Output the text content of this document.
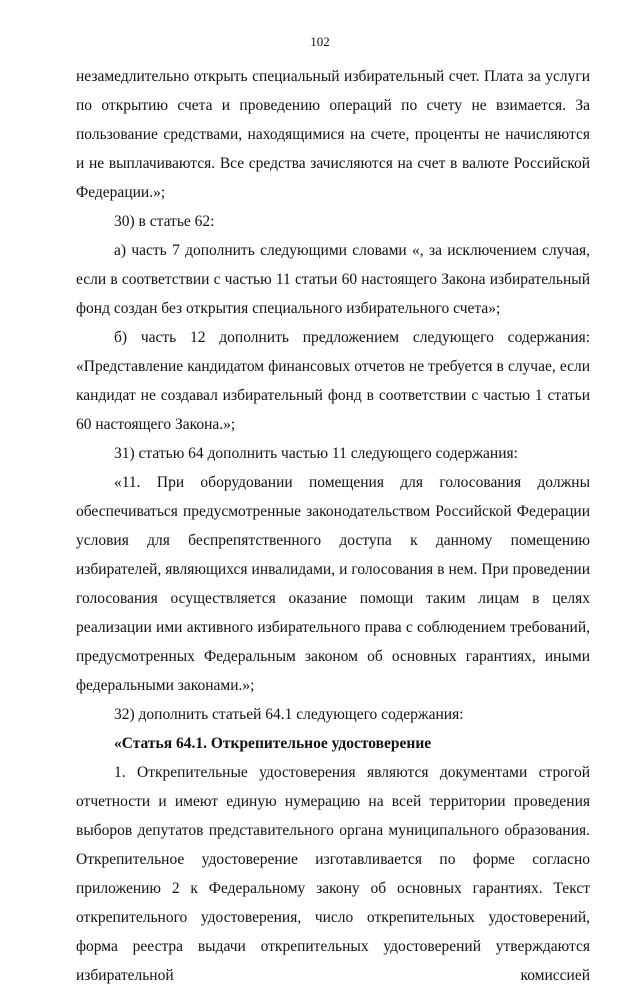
102

незамедлительно открыть специальный избирательный счет. Плата за услуги по открытию счета и проведению операций по счету не взимается. За пользование средствами, находящимися на счете, проценты не начисляются и не выплачиваются. Все средства зачисляются на счет в валюте Российской Федерации.»;

30) в статье 62:

а) часть 7 дополнить следующими словами «, за исключением случая, если в соответствии с частью 11 статьи 60 настоящего Закона избирательный фонд создан без открытия специального избирательного счета»;

б) часть 12 дополнить предложением следующего содержания: «Представление кандидатом финансовых отчетов не требуется в случае, если кандидат не создавал избирательный фонд в соответствии с частью 1 статьи 60 настоящего Закона.»;

31) статью 64 дополнить частью 11 следующего содержания:

«11. При оборудовании помещения для голосования должны обеспечиваться предусмотренные законодательством Российской Федерации условия для беспрепятственного доступа к данному помещению избирателей, являющихся инвалидами, и голосования в нем. При проведении голосования осуществляется оказание помощи таким лицам в целях реализации ими активного избирательного права с соблюдением требований, предусмотренных Федеральным законом об основных гарантиях, иными федеральными законами.»;

32) дополнить статьей 64.1 следующего содержания:

«Статья 64.1. Открепительное удостоверение

1. Открепительные удостоверения являются документами строгой отчетности и имеют единую нумерацию на всей территории проведения выборов депутатов представительного органа муниципального образования. Открепительное удостоверение изготавливается по форме согласно приложению 2 к Федеральному закону об основных гарантиях. Текст открепительного удостоверения, число открепительных удостоверений, форма реестра выдачи открепительных удостоверений утверждаются избирательной комиссией
